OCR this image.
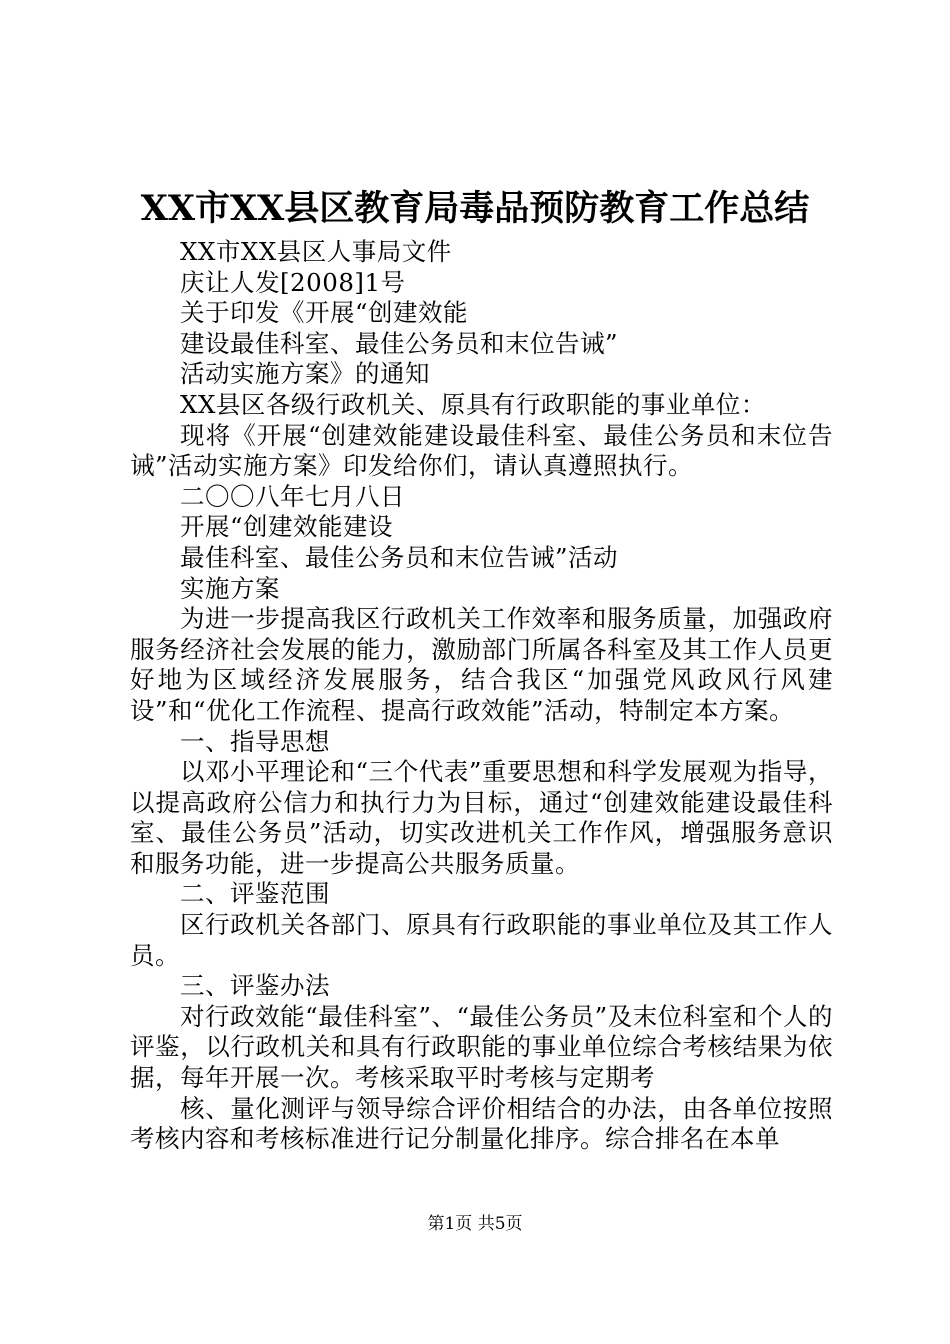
XX市XX县区教育局毒品预防教育工作总结

XX市XX县区人事局文件

庆让人发[2008]1号

关于印发《开展“创建效能

建设最佳科室、最佳公务员和末位告诫”

活动实施方案》的通知

XX县区各级行政机关、原具有行政职能的事业单位：

现将《开展“创建效能建设最佳科室、最佳公务员和末位告诫”活动实施方案》印发给你们，请认真遵照执行。

二〇〇八年七月八日

开展“创建效能建设

最佳科室、最佳公务员和末位告诫”活动

实施方案

为进一步提高我区行政机关工作效率和服务质量，加强政府服务经济社会发展的能力，激励部门所属各科室及其工作人员更好地为区域经济发展服务，结合我区“加强党风政风行风建设”和“优化工作流程、提高行政效能”活动，特制定本方案。

一、指导思想

以邓小平理论和“三个代表”重要思想和科学发展观为指导，以提高政府公信力和执行力为目标，通过“创建效能建设最佳科室、最佳公务员”活动，切实改进机关工作作风，增强服务意识和服务功能，进一步提高公共服务质量。

二、评鉴范围

区行政机关各部门、原具有行政职能的事业单位及其工作人员。

三、评鉴办法

对行政效能“最佳科室”、“最佳公务员”及末位科室和个人的评鉴，以行政机关和具有行政职能的事业单位综合考核结果为依据，每年开展一次。考核采取平时考核与定期考

核、量化测评与领导综合评价相结合的办法，由各单位按照考核内容和考核标准进行记分制量化排序。综合排名在本单

第1页 共5页
